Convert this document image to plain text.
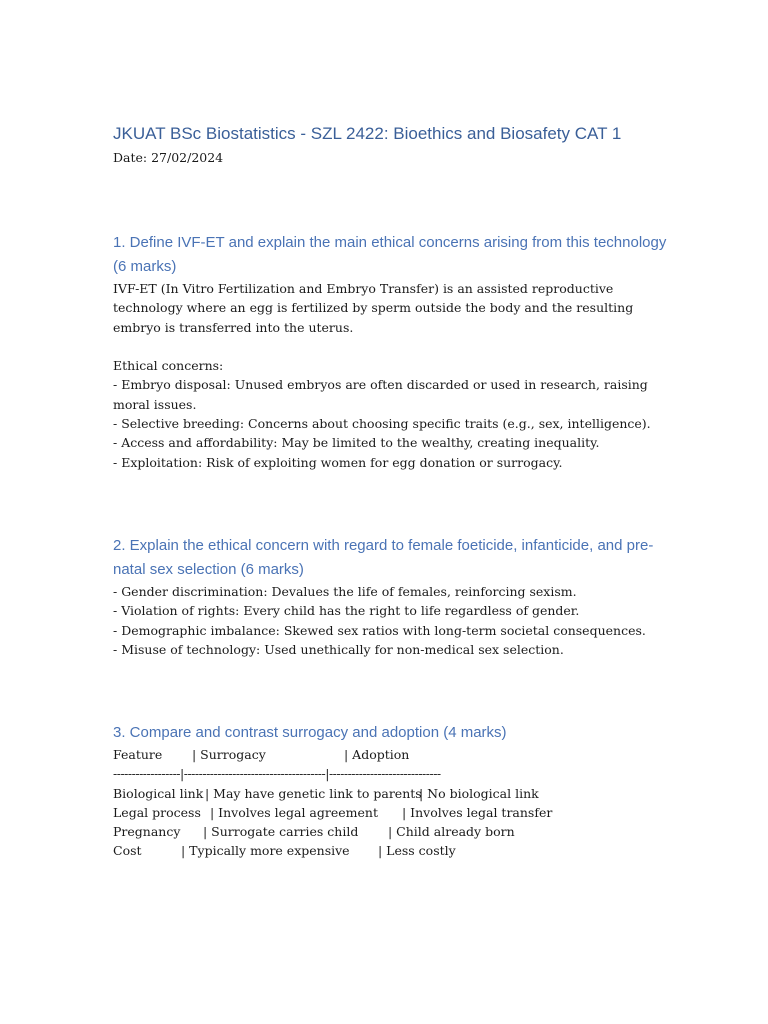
JKUAT BSc Biostatistics - SZL 2422: Bioethics and Biosafety CAT 1
Date: 27/02/2024
1. Define IVF-ET and explain the main ethical concerns arising from this technology (6 marks)

IVF-ET (In Vitro Fertilization and Embryo Transfer) is an assisted reproductive technology where an egg is fertilized by sperm outside the body and the resulting embryo is transferred into the uterus.

Ethical concerns:

- Embryo disposal: Unused embryos are often discarded or used in research, raising moral issues.

- Selective breeding: Concerns about choosing specific traits (e.g., sex, intelligence).

- Access and affordability: May be limited to the wealthy, creating inequality.

- Exploitation: Risk of exploiting women for egg donation or surrogacy.

2. Explain the ethical concern with regard to female foeticide, infanticide, and pre-natal sex selection (6 marks)

- Gender discrimination: Devalues the life of females, reinforcing sexism.

- Violation of rights: Every child has the right to life regardless of gender.

- Demographic imbalance: Skewed sex ratios with long-term societal consequences.

- Misuse of technology: Used unethically for non-medical sex selection.

3. Compare and contrast surrogacy and adoption (4 marks)
Feature | Surrogacy	| Adoption
------------------|--------------------------------------|------------------------------
Biological link | May have genetic link to parents
| No biological link
Legal process | Involves legal agreement | Involves legal transfer
Pregnancy | Surrogate carries child | Child already born
Cost	| Typically more expensive | Less costly
